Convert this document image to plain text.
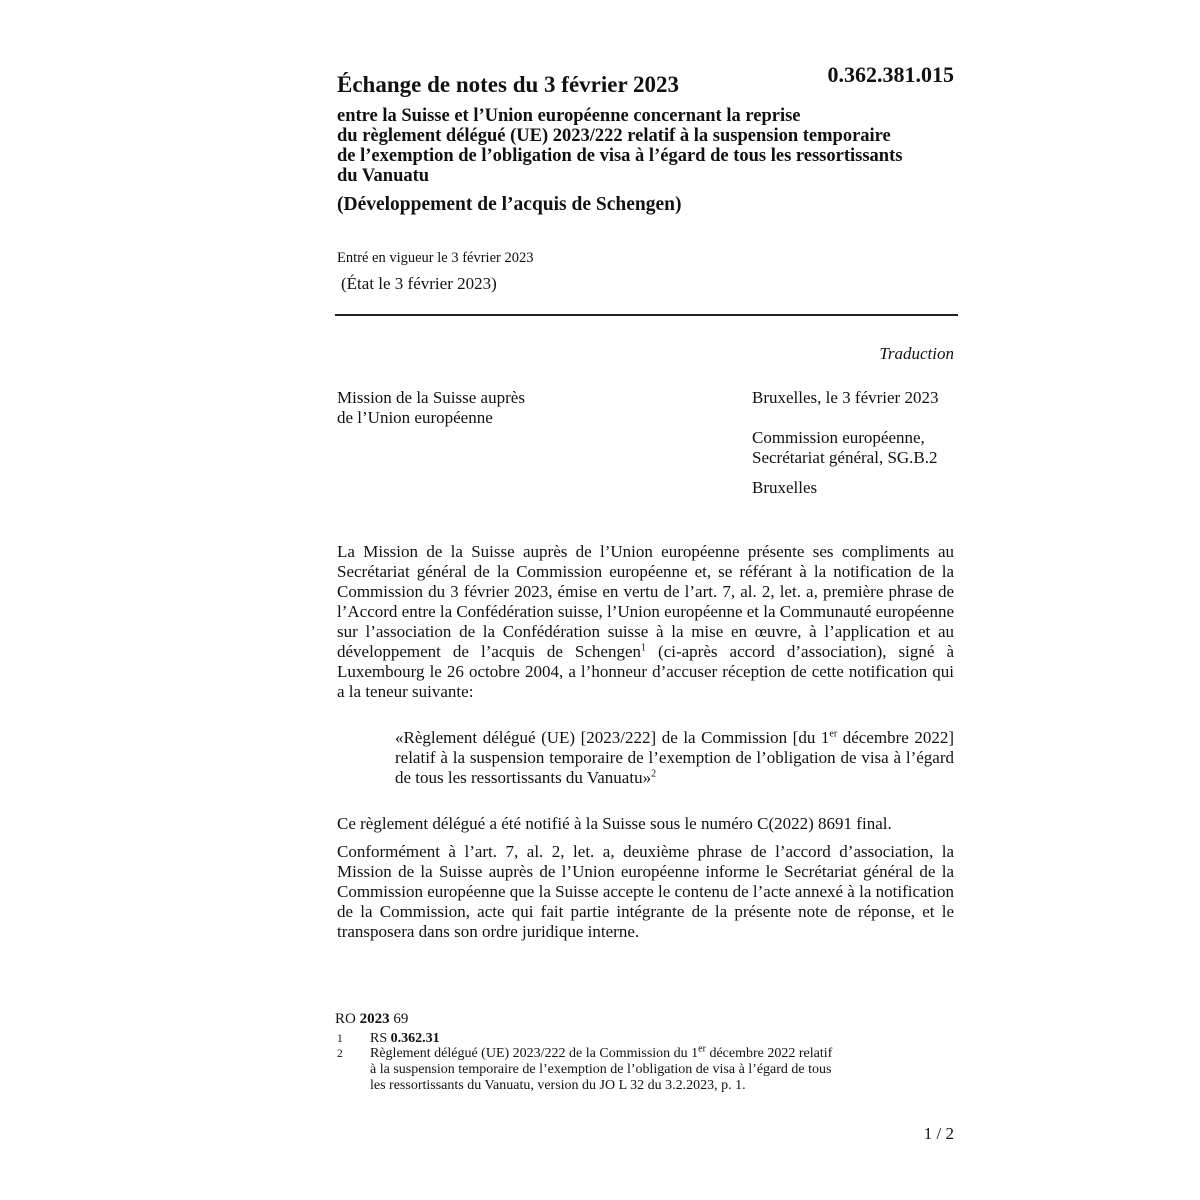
Échange de notes du 3 février 2023	0.362.381.015
entre la Suisse et l’Union européenne concernant la reprise
du règlement délégué (UE) 2023/222 relatif à la suspension temporaire
de l’exemption de l’obligation de visa à l’égard de tous les ressortissants
du Vanuatu
(Développement de l’acquis de Schengen)
Entré en vigueur le 3 février 2023
(État le 3 février 2023)
Traduction
Mission de la Suisse auprès
de l’Union européenne
Bruxelles, le 3 février 2023
Commission européenne,
Secrétariat général, SG.B.2
Bruxelles
La Mission de la Suisse auprès de l’Union européenne présente ses compliments au Secrétariat général de la Commission européenne et, se référant à la notification de la Commission du 3 février 2023, émise en vertu de l’art. 7, al. 2, let. a, première phrase de l’Accord entre la Confédération suisse, l’Union européenne et la Communauté européenne sur l’association de la Confédération suisse à la mise en œuvre, à l’application et au développement de l’acquis de Schengen$^1$ (ci-après accord d’association), signé à Luxembourg le 26 octobre 2004, a l’honneur d’accuser réception de cette notification qui a la teneur suivante:
«Règlement délégué (UE) [2023/222] de la Commission [du 1er décembre 2022] relatif à la suspension temporaire de l’exemption de l’obligation de visa à l’égard de tous les ressortissants du Vanuatu»$^2$
Ce règlement délégué a été notifié à la Suisse sous le numéro C(2022) 8691 final.
Conformément à l’art. 7, al. 2, let. a, deuxième phrase de l’accord d’association, la Mission de la Suisse auprès de l’Union européenne informe le Secrétariat général de la Commission européenne que la Suisse accepte le contenu de l’acte annexé à la notification de la Commission, acte qui fait partie intégrante de la présente note de réponse, et le transposera dans son ordre juridique interne.
RO 2023 69
1 RS 0.362.31
2 Règlement délégué (UE) 2023/222 de la Commission du 1er décembre 2022 relatif
à la suspension temporaire de l’exemption de l’obligation de visa à l’égard de tous
les ressortissants du Vanuatu, version du JO L 32 du 3.2.2023, p. 1.
1 / 2
